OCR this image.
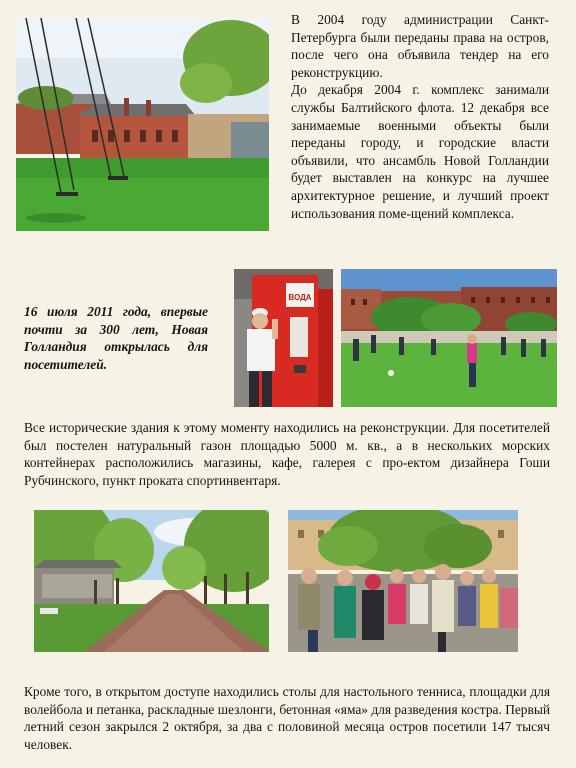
В 2004 году администрации Санкт-Петербурга были переданы права на остров, после чего она объявила тендер на его реконструкцию.

До декабря 2004 г. комплекс занимали службы Балтийского флота. 12 декабря все занимаемые военными объекты были переданы городу, и городские власти объявили, что ансамбль Новой Голландии будет выставлен на конкурс на лучшее архитектурное решение, и лучший проект использования поме-щений комплекса.

16 июля 2011 года, впервые почти за 300 лет, Новая Голландия открылась для посетителей.
ВОДА
Все исторические здания к этому моменту находились на реконструкции. Для посетителей был постелен натуральный газон площадью 5000 м. кв., а в нескольких морских контейнерах расположились магазины, кафе, галерея с про-ектом дизайнера Гоши Рубчинского, пункт проката спортинвентаря.
Кроме того, в открытом доступе находились столы для настольного тенниса, площадки для волейбола и петанка, раскладные шезлонги, бетонная «яма» для разведения костра. Первый летний сезон закрылся 2 октября, за два с половиной месяца остров посетили 147 тысяч человек.
